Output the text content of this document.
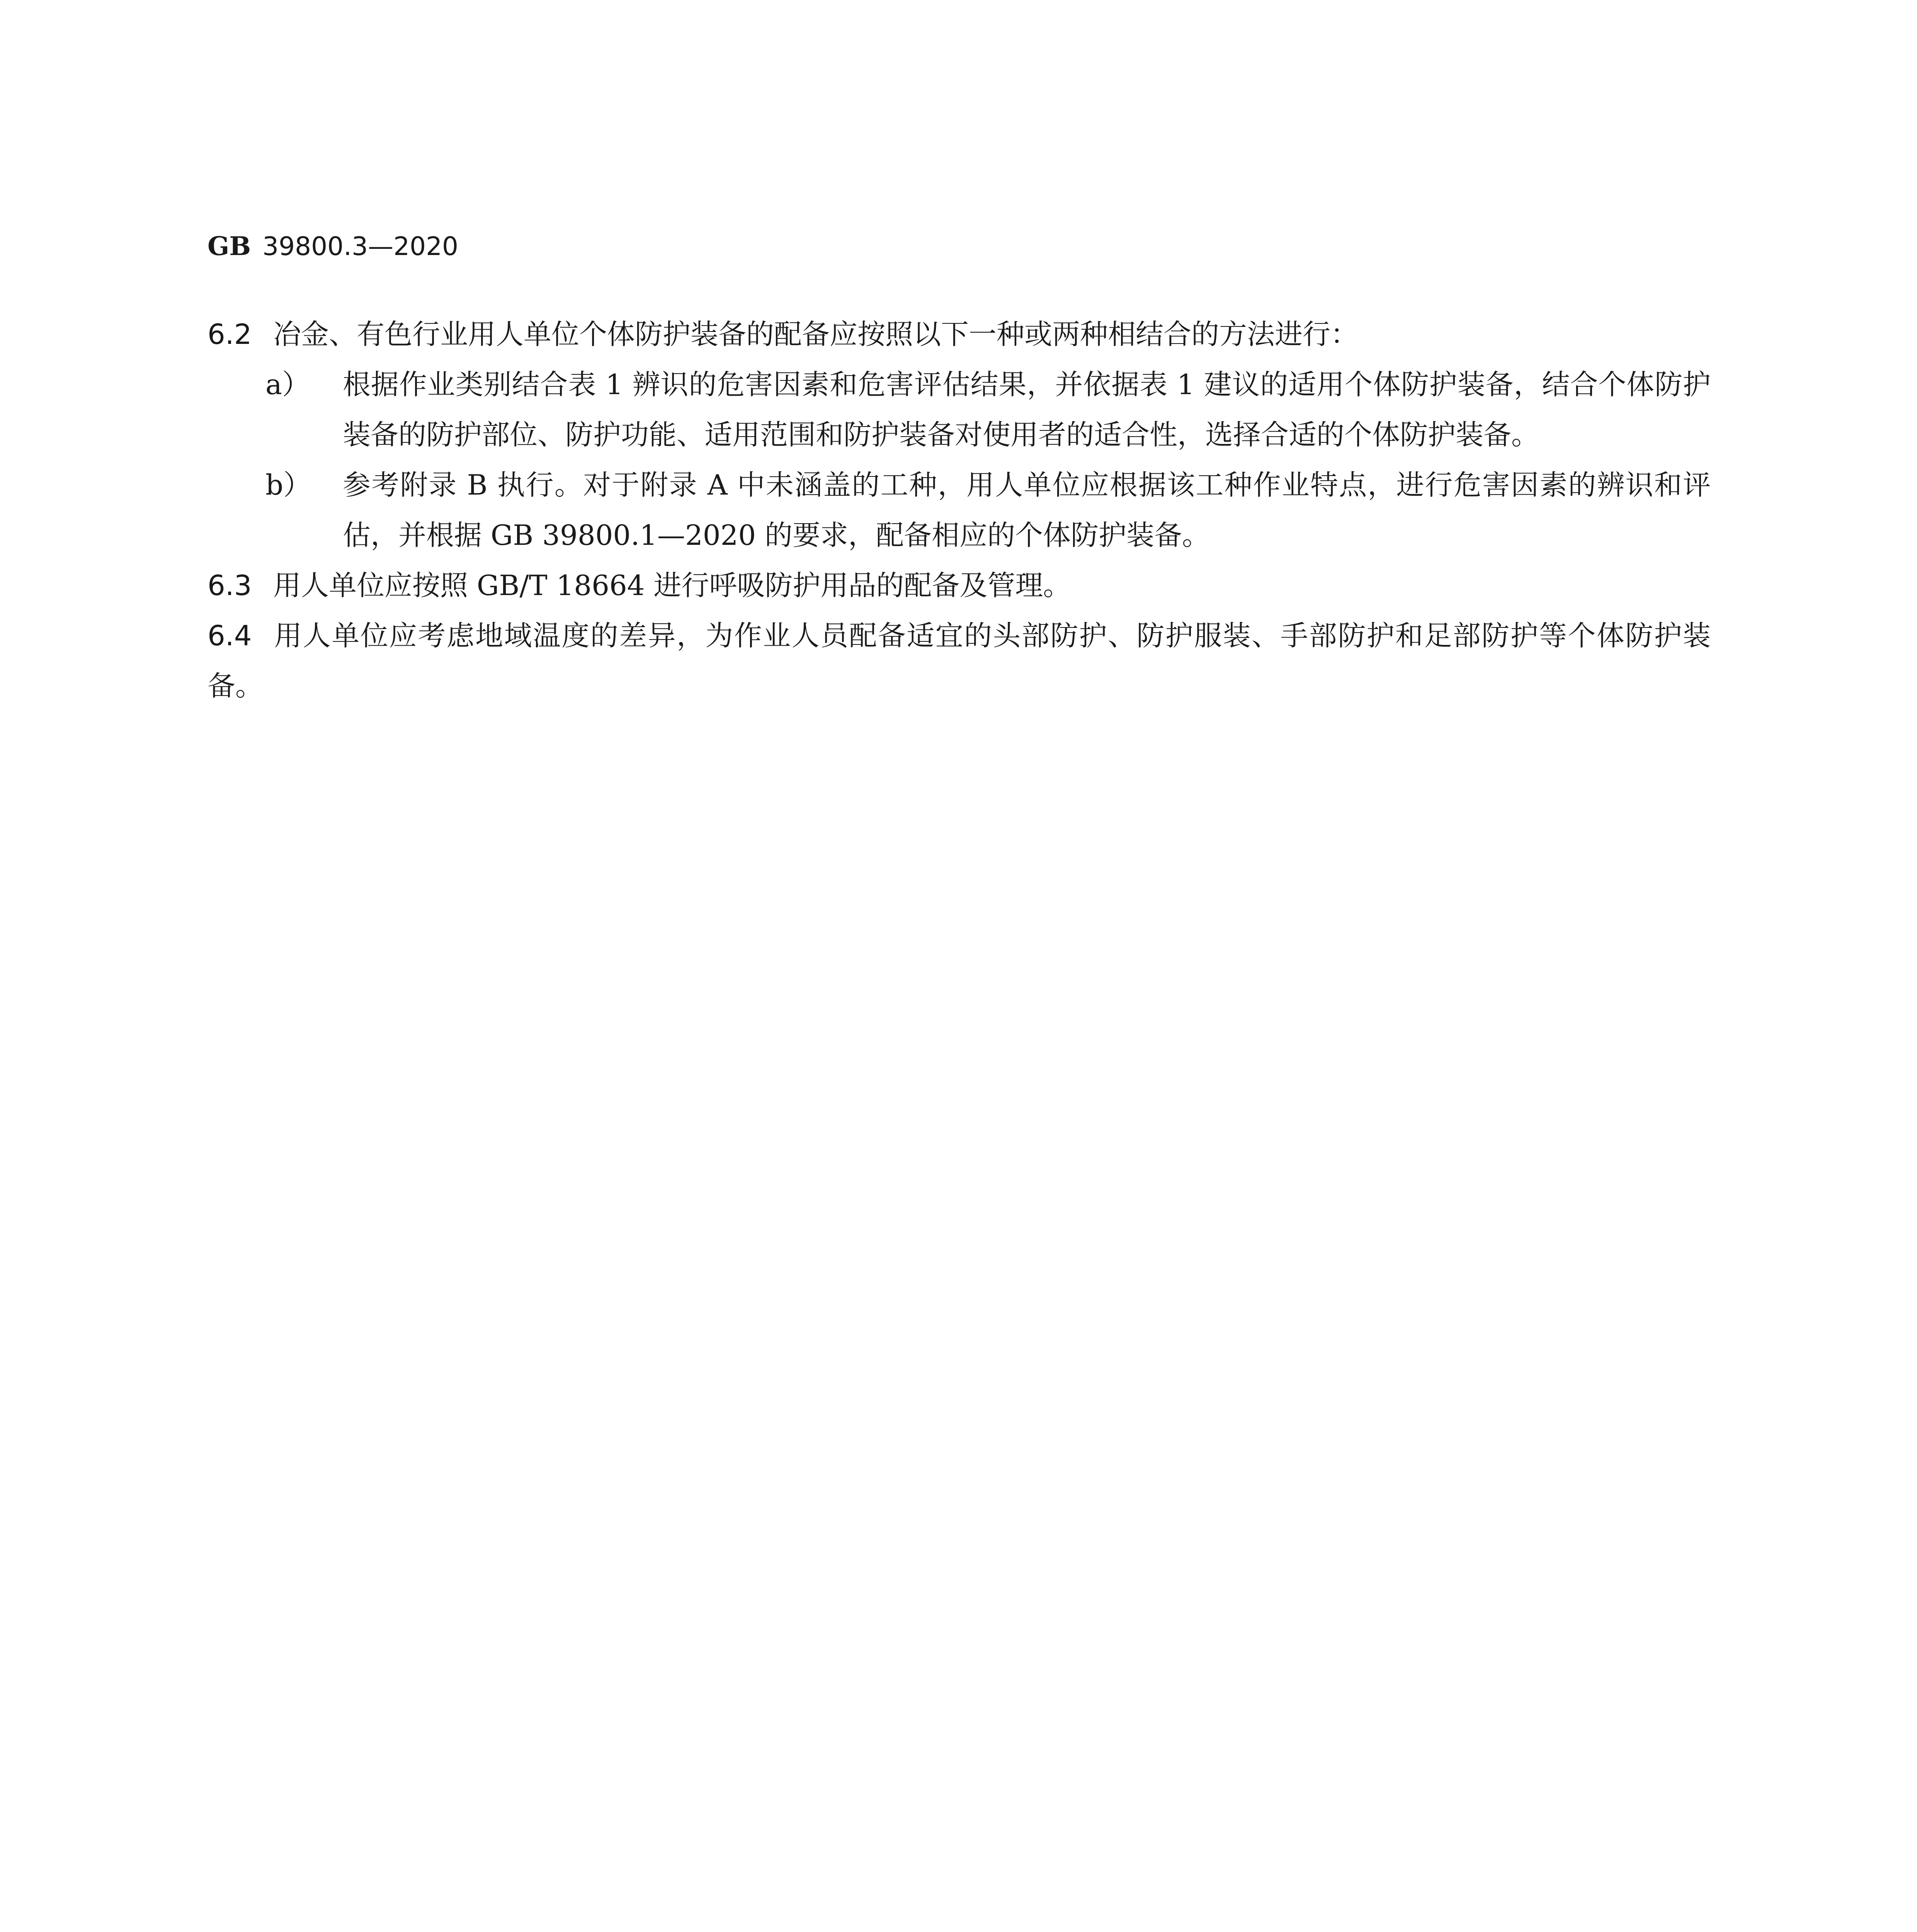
GB 39800.3—2020

6.2 冶金、有色行业用人单位个体防护装备的配备应按照以下一种或两种相结合的方法进行：

a）	根据作业类别结合表 1 辨识的危害因素和危害评估结果，并依据表 1 建议的适用个体防护装备，结合个体防护装备的防护部位、防护功能、适用范围和防护装备对使用者的适合性，选择合适的个体防护装备。

b）	参考附录 B 执行。对于附录 A 中未涵盖的工种，用人单位应根据该工种作业特点，进行危害因素的辨识和评估，并根据 GB 39800.1—2020 的要求，配备相应的个体防护装备。

6.3 用人单位应按照 GB/T 18664 进行呼吸防护用品的配备及管理。

6.4 用人单位应考虑地域温度的差异，为作业人员配备适宜的头部防护、防护服装、手部防护和足部防护等个体防护装备。
